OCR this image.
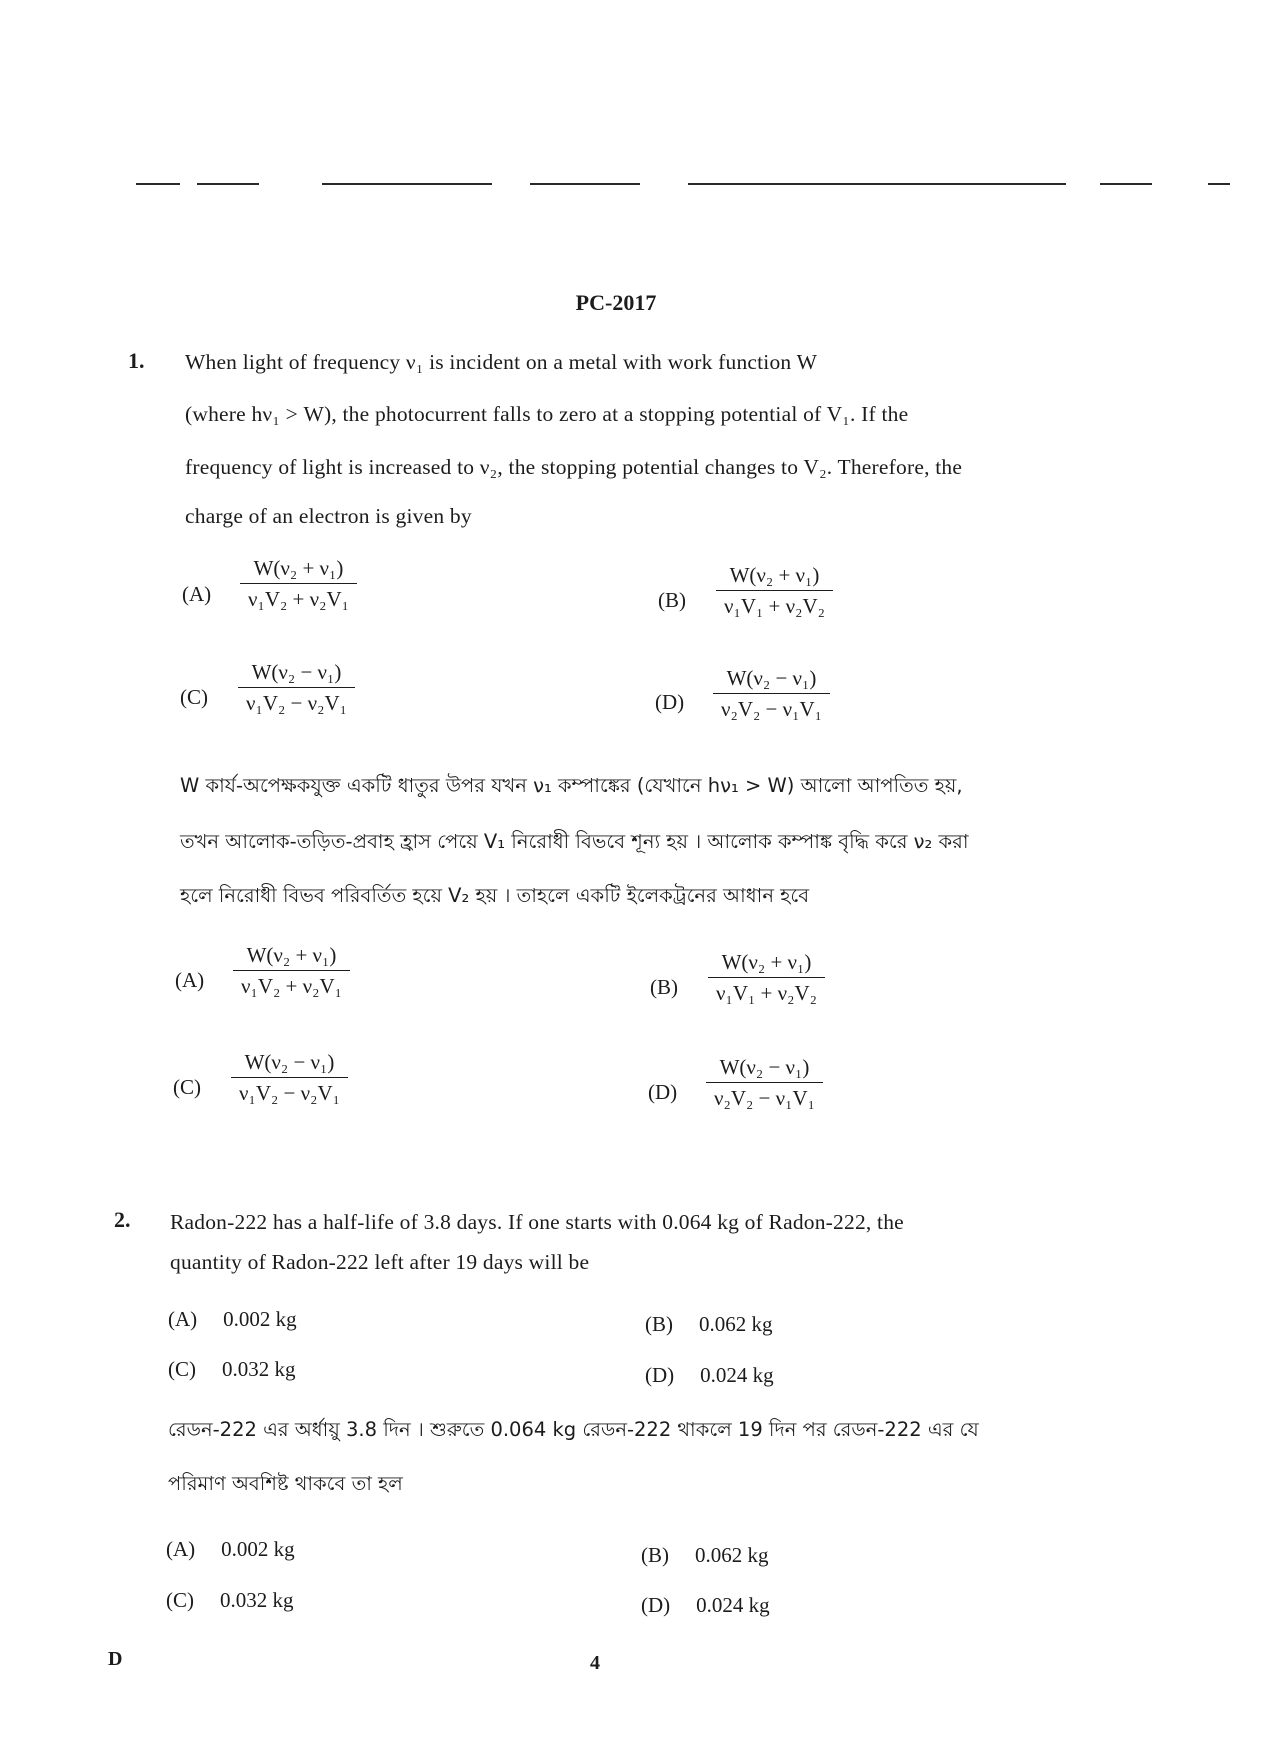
PC-2017
1. When light of frequency ν₁ is incident on a metal with work function W
(where hν₁ > W), the photocurrent falls to zero at a stopping potential of V₁. If the
frequency of light is increased to ν₂, the stopping potential changes to V₂. Therefore, the
charge of an electron is given by
(A)
W(ν₂ + ν₁)
ν₁V₂ + ν₂V₁	(B)
W(ν₂ + ν₁)
ν₁V₁ + ν₂V₂
(C)
W(ν₂ − ν₁)
ν₁V₂ − ν₂V₁	(D)
W(ν₂ − ν₁)
ν₂V₂ − ν₁V₁
W কার্য-অপেক্ষকযুক্ত একটি ধাতুর উপর যখন ν₁ কম্পাঙ্কের (যেখানে hν₁ > W) আলো আপতিত হয়,
তখন আলোক-তড়িত-প্রবাহ হ্রাস পেয়ে V₁ নিরোধী বিভবে শূন্য হয় । আলোক কম্পাঙ্ক বৃদ্ধি করে ν₂ করা
হলে নিরোধী বিভব পরিবর্তিত হয়ে V₂ হয় । তাহলে একটি ইলেকট্রনের আধান হবে
(A)
W(ν₂ + ν₁)
ν₁V₂ + ν₂V₁	(B)
W(ν₂ + ν₁)
ν₁V₁ + ν₂V₂
(C)
W(ν₂ − ν₁)
ν₁V₂ − ν₂V₁	(D)
W(ν₂ − ν₁)
ν₂V₂ − ν₁V₁
2. Radon-222 has a half-life of 3.8 days. If one starts with 0.064 kg of Radon-222, the
quantity of Radon-222 left after 19 days will be
(A) 0.002 kg	(B) 0.062 kg
(C) 0.032 kg	(D) 0.024 kg
রেডন-222 এর অর্ধায়ু 3.8 দিন । শুরুতে 0.064 kg রেডন-222 থাকলে 19 দিন পর রেডন-222 এর যে
পরিমাণ অবশিষ্ট থাকবে তা হল
(A) 0.002 kg	(B) 0.062 kg
(C) 0.032 kg	(D) 0.024 kg
D	4
